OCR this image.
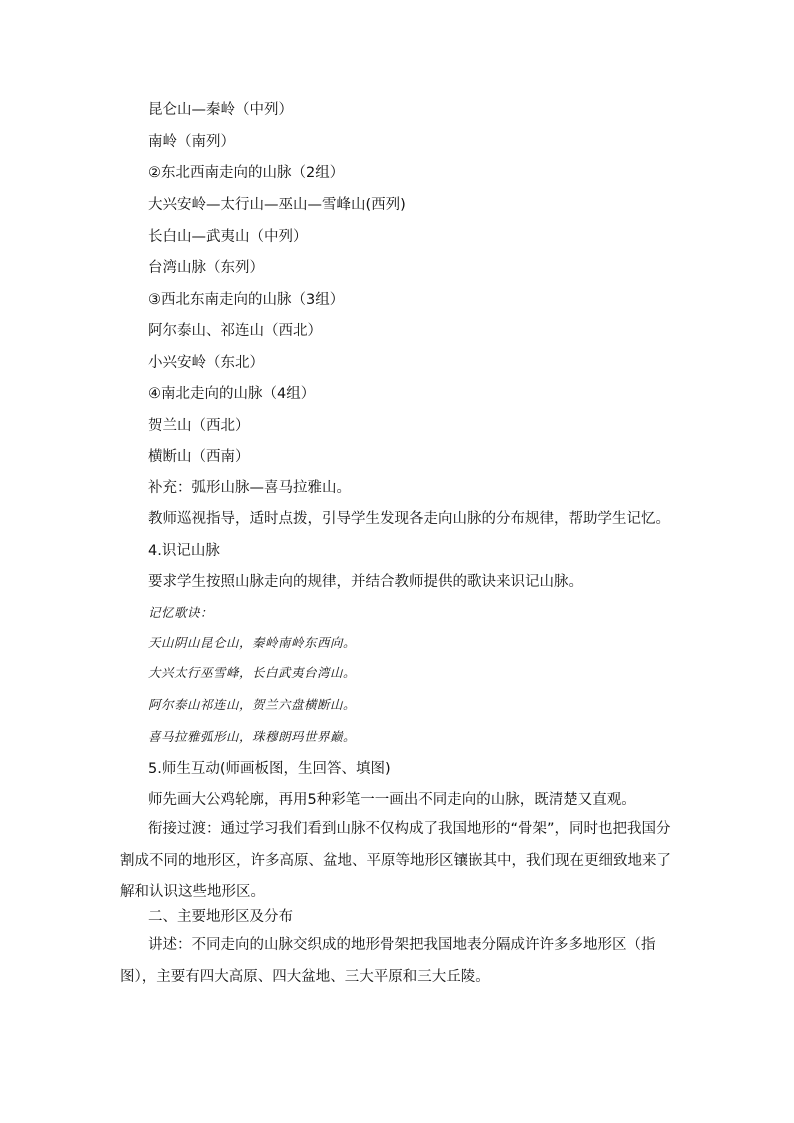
昆仑山—秦岭（中列）
南岭（南列）
②东北西南走向的山脉（2组）
大兴安岭—太行山—巫山—雪峰山(西列)
长白山—武夷山（中列）
台湾山脉（东列）
③西北东南走向的山脉（3组）
阿尔泰山、祁连山（西北）
小兴安岭（东北）
④南北走向的山脉（4组）
贺兰山（西北）
横断山（西南）
补充：弧形山脉—喜马拉雅山。
教师巡视指导，适时点拨，引导学生发现各走向山脉的分布规律，帮助学生记忆。
4.识记山脉
要求学生按照山脉走向的规律，并结合教师提供的歌诀来识记山脉。
记忆歌诀：
天山阴山昆仑山，秦岭南岭东西向。
大兴太行巫雪峰，长白武夷台湾山。
阿尔泰山祁连山，贺兰六盘横断山。
喜马拉雅弧形山，珠穆朗玛世界巅。
5.师生互动(师画板图，生回答、填图)
师先画大公鸡轮廓，再用5种彩笔一一画出不同走向的山脉，既清楚又直观。
衔接过渡：通过学习我们看到山脉不仅构成了我国地形的“骨架”，同时也把我国分割成不同的地形区，许多高原、盆地、平原等地形区镶嵌其中，我们现在更细致地来了解和认识这些地形区。
二、主要地形区及分布
讲述：不同走向的山脉交织成的地形骨架把我国地表分隔成许许多多地形区（指图），主要有四大高原、四大盆地、三大平原和三大丘陵。
